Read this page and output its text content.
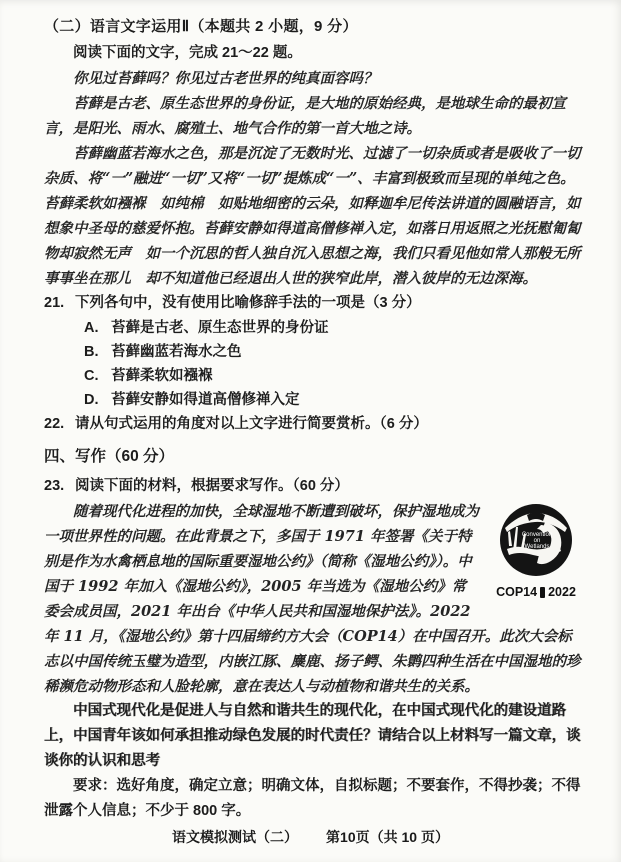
（二）语言文字运用Ⅱ（本题共 2 小题，9 分）
阅读下面的文字，完成 21～22 题。

你见过苔藓吗？你见过古老世界的纯真面容吗？

苔藓是古老、原生态世界的身份证，是大地的原始经典，是地球生命的最初宣言，是阳光、雨水、腐殖土、地气合作的第一首大地之诗。

苔藓幽蓝若海水之色，那是沉淀了无数时光、过滤了一切杂质或者是吸收了一切杂质、将“一”融进“一切”又将“一切”提炼成“一”、丰富到极致而呈现的单纯之色。苔藓柔软如襁褓　如纯棉　如贴地细密的云朵，如释迦牟尼传法讲道的圆融语言，如想象中圣母的慈爱怀抱。苔藓安静如得道高僧修禅入定，如落日用返照之光抚慰匍匐物却寂然无声　如一个沉思的哲人独自沉入思想之海，我们只看见他如常人那般无所事事坐在那儿　却不知道他已经退出人世的狭窄此岸，潜入彼岸的无边深海。

21. 下列各句中，没有使用比喻修辞手法的一项是（3 分）
A. 苔藓是古老、原生态世界的身份证
B. 苔藓幽蓝若海水之色
C. 苔藓柔软如襁褓
D. 苔藓安静如得道高僧修禅入定
22. 请从句式运用的角度对以上文字进行简要赏析。（6 分）
四、写作（60 分）
23. 阅读下面的材料，根据要求写作。（60 分）
Convention
on
Wetlands
COP14 2022

随着现代化进程的加快，全球湿地不断遭到破坏，保护湿地成为一项世界性的问题。在此背景之下，多国于 1971 年签署《关于特别是作为水禽栖息地的国际重要湿地公约》（简称《湿地公约》）。中国于 1992 年加入《湿地公约》，2005 年当选为《湿地公约》常委会成员国，2021 年出台《中华人民共和国湿地保护法》。2022 年 11 月，《湿地公约》第十四届缔约方大会（COP14）在中国召开。此次大会标志以中国传统玉璧为造型，内嵌江豚、麋鹿、扬子鳄、朱鹮四种生活在中国湿地的珍稀濒危动物形态和人脸轮廓，意在表达人与动植物和谐共生的关系。

中国式现代化是促进人与自然和谐共生的现代化，在中国式现代化的建设道路上，中国青年该如何承担推动绿色发展的时代责任？请结合以上材料写一篇文章，谈谈你的认识和思考

要求：选好角度，确定立意；明确文体，自拟标题；不要套作，不得抄袭；不得泄露个人信息；不少于 800 字。

语文模拟测试（二） 第10页（共 10 页）
